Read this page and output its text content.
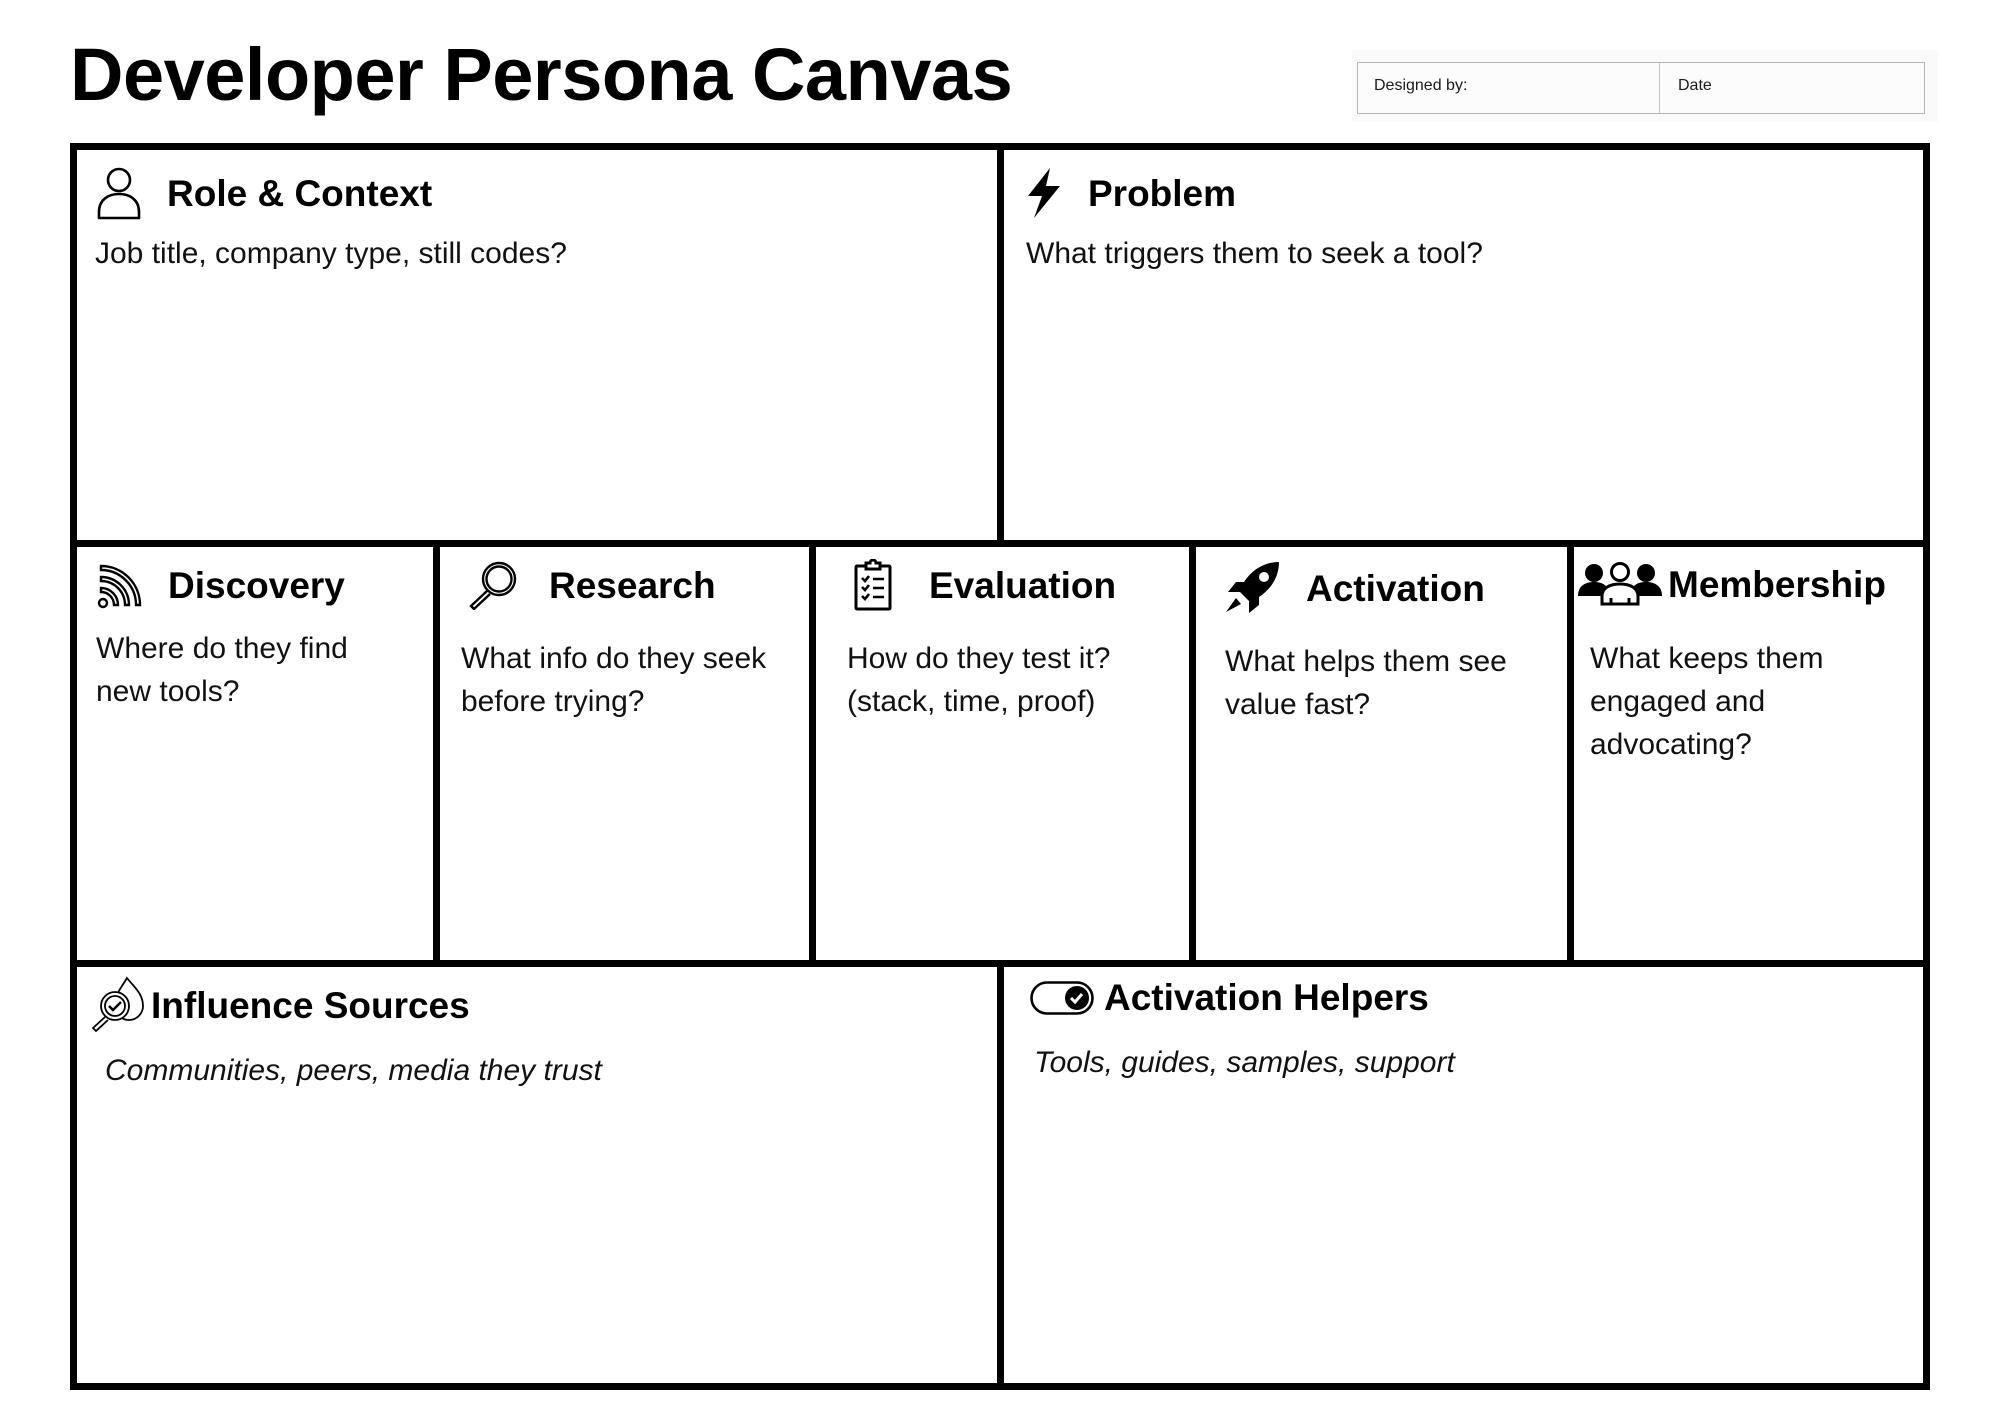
Developer Persona Canvas	Designed by:	Date
Role & Context
Job title, company type, still codes?
Problem
What triggers them to seek a tool?
Discovery
Where do they find new tools?
Research
What info do they seek before trying?
Evaluation
How do they test it? (stack, time, proof)
Activation
What helps them see value fast?
Membership
What keeps them engaged and advocating?
Influence Sources
Communities, peers, media they trust
Activation Helpers
Tools, guides, samples, support
